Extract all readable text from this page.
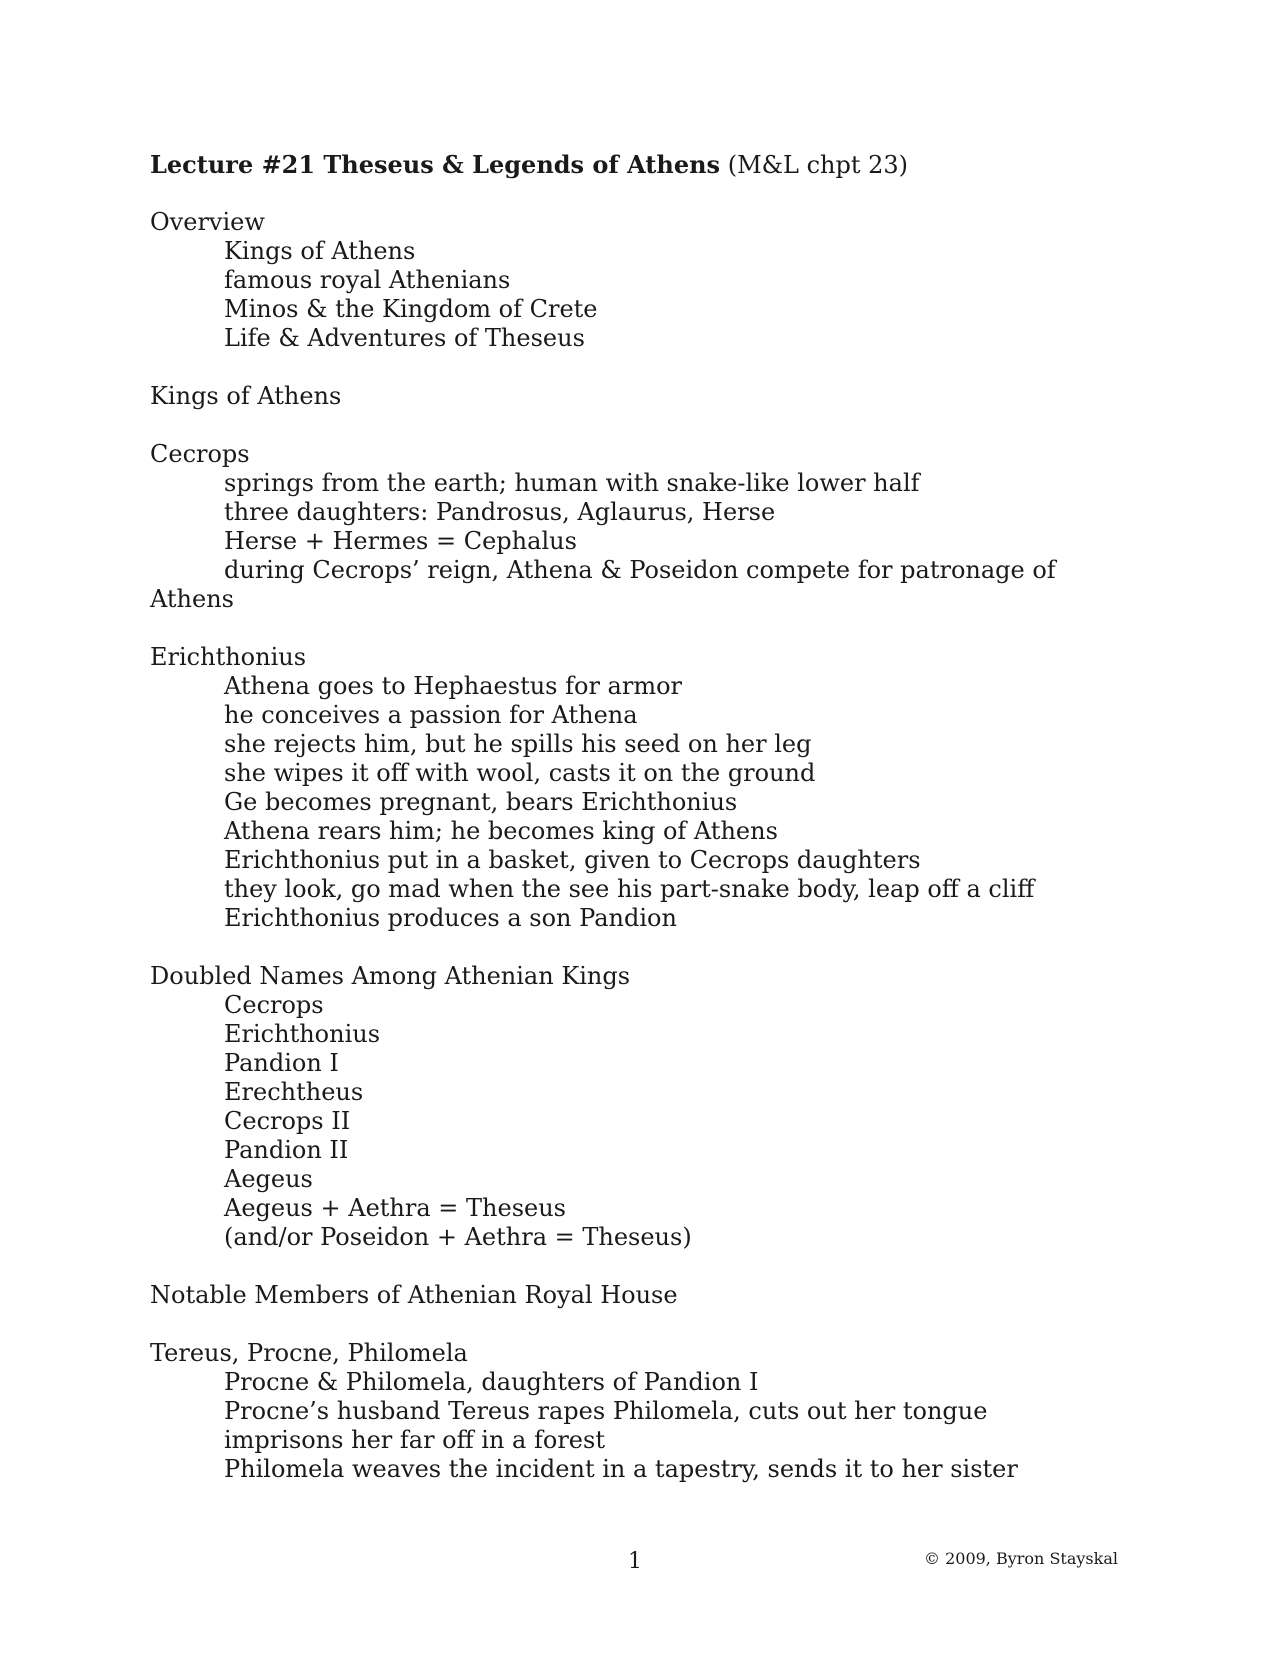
Lecture #21 Theseus & Legends of Athens (M&L chpt 23)
Overview
Kings of Athens
famous royal Athenians
Minos & the Kingdom of Crete
Life & Adventures of Theseus
Kings of Athens
Cecrops
springs from the earth; human with snake-like lower half
three daughters: Pandrosus, Aglaurus, Herse
Herse + Hermes = Cephalus
during Cecrops’ reign, Athena & Poseidon compete for patronage of
Athens
Erichthonius
Athena goes to Hephaestus for armor
he conceives a passion for Athena
she rejects him, but he spills his seed on her leg
she wipes it off with wool, casts it on the ground
Ge becomes pregnant, bears Erichthonius
Athena rears him; he becomes king of Athens
Erichthonius put in a basket, given to Cecrops daughters
they look, go mad when the see his part-snake body, leap off a cliff
Erichthonius produces a son Pandion
Doubled Names Among Athenian Kings
Cecrops
Erichthonius
Pandion I
Erechtheus
Cecrops II
Pandion II
Aegeus
Aegeus + Aethra = Theseus
(and/or Poseidon + Aethra = Theseus)
Notable Members of Athenian Royal House
Tereus, Procne, Philomela
Procne & Philomela, daughters of Pandion I
Procne’s husband Tereus rapes Philomela, cuts out her tongue
imprisons her far off in a forest
Philomela weaves the incident in a tapestry, sends it to her sister
1	© 2009, Byron Stayskal
